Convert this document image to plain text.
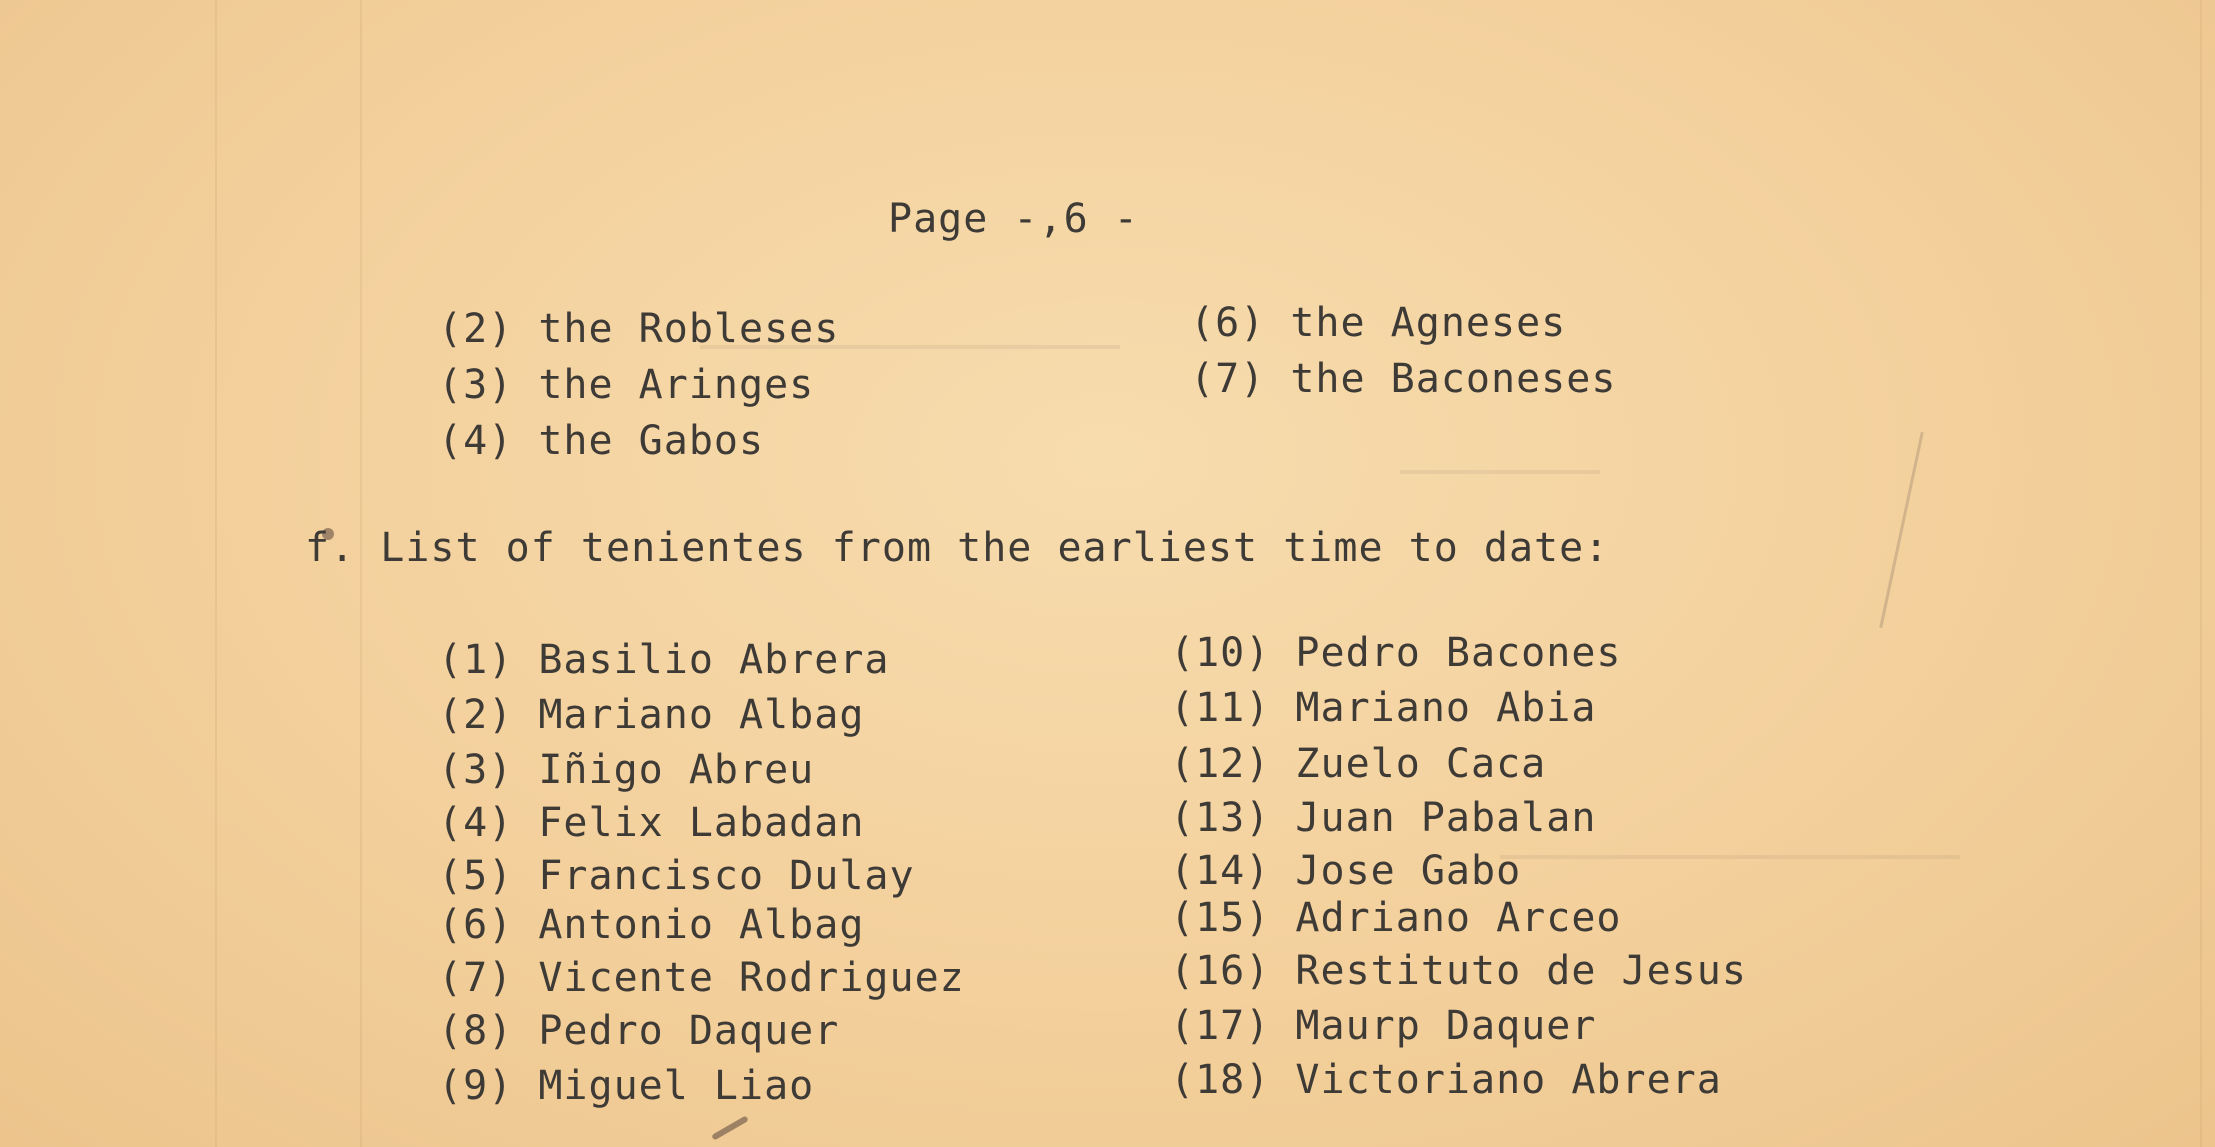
Page -,6 -
(2) the Robleses
(3) the Aringes
(4) the Gabos
(6) the Agneses
(7) the Baconeses
f. List of tenientes from the earliest time to date:
(1) Basilio Abrera
(2) Mariano Albag
(3) Iñigo Abreu
(4) Felix Labadan
(5) Francisco Dulay
(6) Antonio Albag
(7) Vicente Rodriguez
(8) Pedro Daquer
(9) Miguel Liao
(10) Pedro Bacones
(11) Mariano Abia
(12) Zuelo Caca
(13) Juan Pabalan
(14) Jose Gabo
(15) Adriano Arceo
(16) Restituto de Jesus
(17) Maurp Daquer
(18) Victoriano Abrera
